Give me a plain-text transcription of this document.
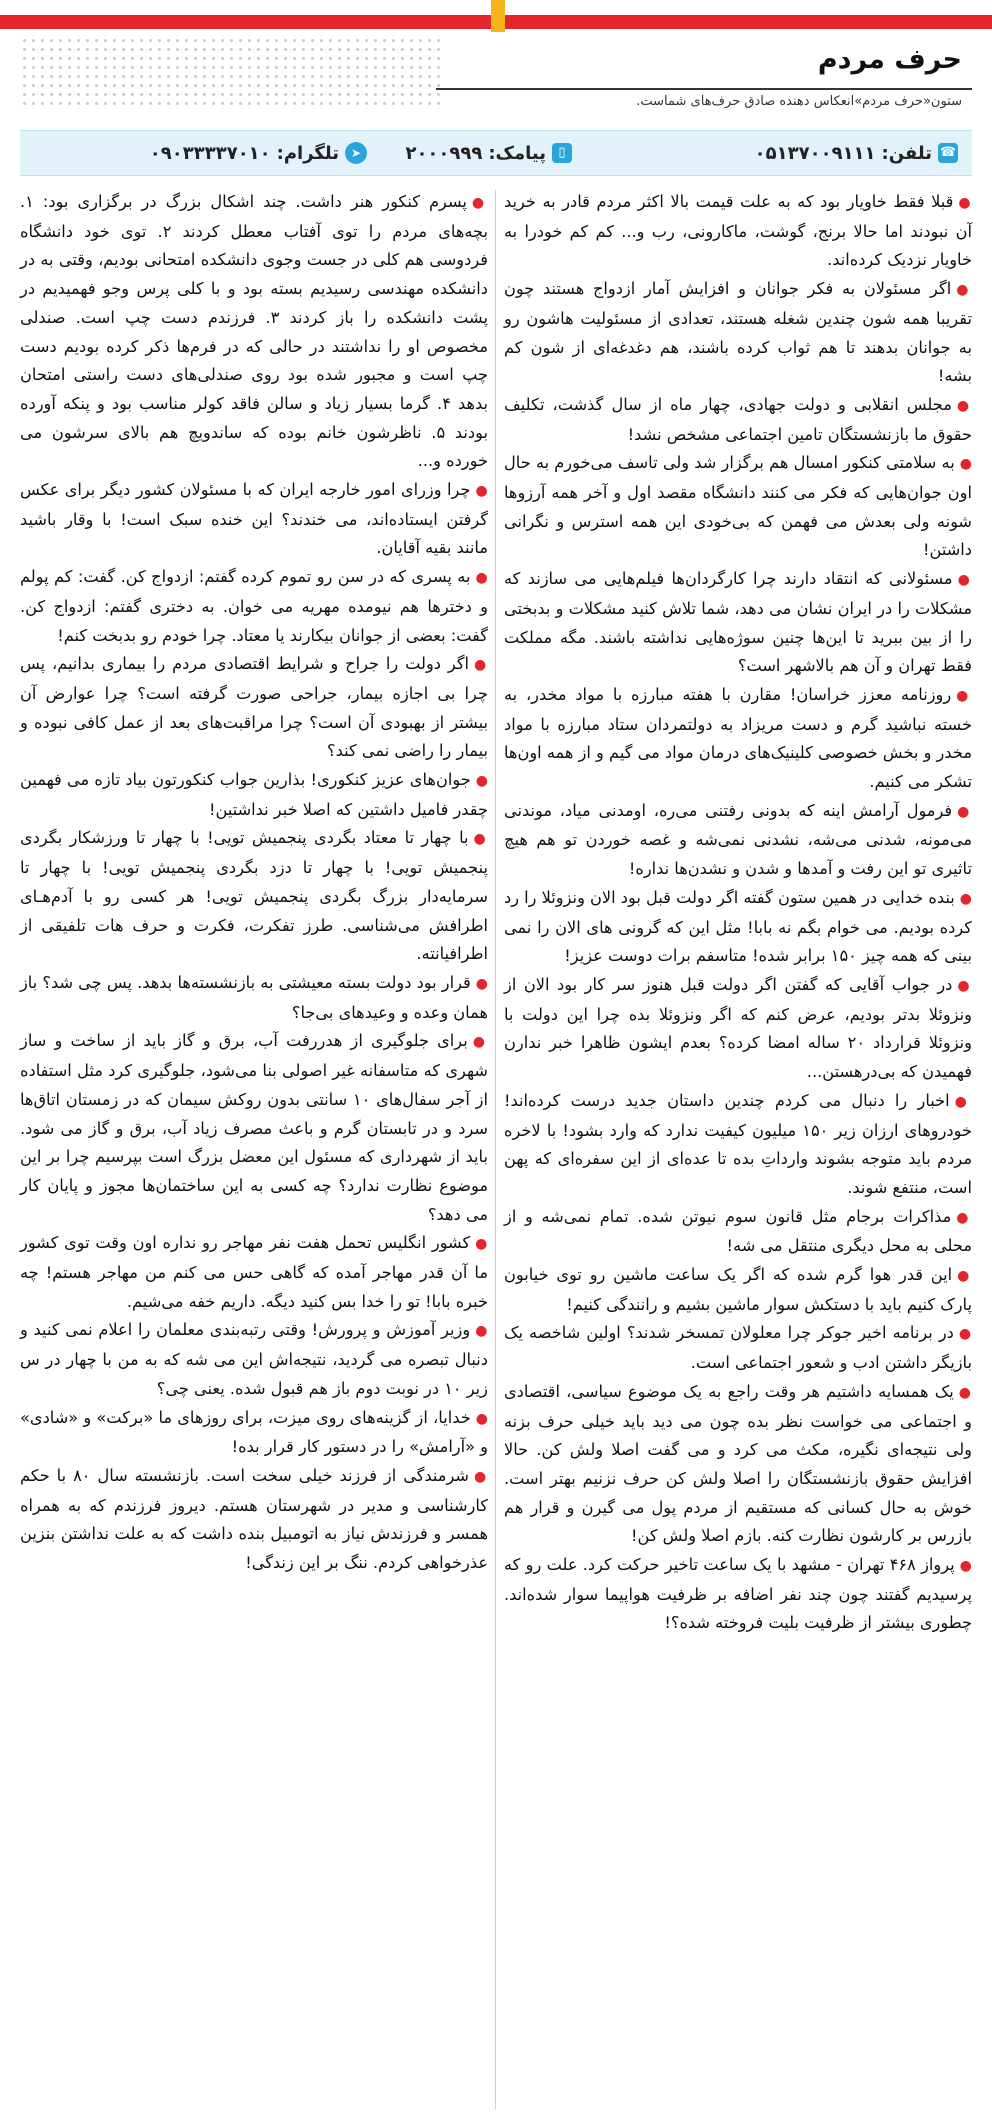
حرف مردم
ستون«حرف مردم»انعکاس دهنده صادق حرف‌های شماست.
☎
تلفن:
۰۵۱۳۷۰۰۹۱۱۱
▯
پیامک:
۲۰۰۰۹۹۹
➤
تلگرام:
۰۹۰۳۳۳۳۷۰۱۰

●قبلا فقط خاویار بود که به علت قیمت بالا اکثر مردم قادر به خرید آن نبودند اما حالا برنج، گوشت، ماکارونی، رب و... کم کم خودرا به خاویار نزدیک کرده‌اند.

●اگر مسئولان به فکر جوانان و افزایش آمار ازدواج هستند چون تقریبا همه شون چندین شغله هستند، تعدادی از مسئولیت هاشون رو به جوانان بدهند تا هم ثواب کرده باشند، هم دغدغه‌ای از شون کم بشه!

●مجلس انقلابی و دولت جهادی، چهار ماه از سال گذشت، تکلیف حقوق ما بازنشستگان تامین اجتماعی مشخص نشد!

●به سلامتی کنکور امسال هم برگزار شد ولی تاسف می‌خورم به حال اون جوان‌هایی که فکر می کنند دانشگاه مقصد اول و آخر همه آرزوها شونه ولی بعدش می فهمن که بی‌خودی این همه استرس و نگرانی داشتن!

●مسئولانی که انتقاد دارند چرا کارگردان‌ها فیلم‌هایی می سازند که مشکلات را در ایران نشان می دهد، شما تلاش کنید مشکلات و بدبختی را از بین ببرید تا این‌ها چنین سوژه‌هایی نداشته باشند. مگه مملکت فقط تهران و آن هم بالاشهر است؟

●روزنامه معزز خراسان! مقارن با هفته مبارزه با مواد مخدر، به خسته نباشید گرم و دست مریزاد به دولتمردان ستاد مبارزه با مواد مخدر و بخش خصوصی کلینیک‌های درمان مواد می گیم و از همه اون‌ها تشکر می کنیم.

●فرمول آرامش اینه که بدونی رفتنی می‌ره، اومدنی میاد، موندنی می‌مونه، شدنی می‌شه، نشدنی نمی‌شه و غصه خوردن تو هم هیچ تاثیری تو این رفت و آمدها و شدن و نشدن‌ها نداره!

●بنده خدایی در همین ستون گفته اگر دولت قبل بود الان ونزوئلا را رد کرده بودیم. می خوام بگم نه بابا! مثل این که گرونی های الان را نمی بینی که همه چیز ۱۵۰ برابر شده! متاسفم برات دوست عزیز!

●در جواب آقایی که گفتن اگر دولت قبل هنوز سر کار بود الان از ونزوئلا بدتر بودیم، عرض کنم که اگر ونزوئلا بده چرا این دولت با ونزوئلا قرارداد ۲۰ ساله امضا کرده؟ بعدم ایشون ظاهرا خبر ندارن فهمیدن که بی‌درهستن...

●اخبار را دنبال می کردم چندین داستان جدید درست کرده‌اند! خودروهای ارزان زیر ۱۵۰ میلیون کیفیت ندارد که وارد بشود! با لاخره مردم باید متوجه بشوند وارداتِ بده تا عده‌ای از این سفره‌ای که پهن است، منتفع شوند.

●مذاکرات برجام مثل قانون سوم نیوتن شده. تمام نمی‌شه و از محلی به محل دیگری منتقل می شه!

●این قدر هوا گرم شده که اگر یک ساعت ماشین رو توی خیابون پارک کنیم باید با دستکش سوار ماشین بشیم و رانندگی کنیم!

●در برنامه اخیر جوکر چرا معلولان تمسخر شدند؟ اولین شاخصه یک بازیگر داشتن ادب و شعور اجتماعی است.

●یک همسایه داشتیم هر وقت راجع به یک موضوع سیاسی، اقتصادی و اجتماعی می خواست نظر بده چون می دید باید خیلی حرف بزنه ولی نتیجه‌ای نگیره، مکث می کرد و می گفت اصلا ولش کن. حالا افزایش حقوق بازنشستگان را اصلا ولش کن حرف نزنیم بهتر است. خوش به حال کسانی که مستقیم از مردم پول می گیرن و قرار هم بازرس بر کارشون نظارت کنه. بازم اصلا ولش کن!

●پرواز ۴۶۸ تهران - مشهد با یک ساعت تاخیر حرکت کرد. علت رو که پرسیدیم گفتند چون چند نفر اضافه بر ظرفیت هواپیما سوار شده‌اند. چطوری بیشتر از ظرفیت بلیت فروخته شده؟!

●پسرم کنکور هنر داشت. چند اشکال بزرگ در برگزاری بود: ۱. بچه‌های مردم را توی آفتاب معطل کردند ۲. توی خود دانشگاه فردوسی هم کلی در جست وجوی دانشکده امتحانی بودیم، وقتی به در دانشکده مهندسی رسیدیم بسته بود و با کلی پرس وجو فهمیدیم در پشت دانشکده را باز کردند ۳. فرزندم دست چپ است. صندلی مخصوص او را نداشتند در حالی که در فرم‌ها ذکر کرده بودیم دست چپ است و مجبور شده بود روی صندلی‌های دست راستی امتحان بدهد ۴. گرما بسیار زیاد و سالن فاقد کولر مناسب بود و پنکه آورده بودند ۵. ناظرشون خانم بوده که ساندویچ هم بالای سرشون می خورده و...

●چرا وزرای امور خارجه ایران که با مسئولان کشور دیگر برای عکس گرفتن ایستاده‌اند، می خندند؟ این خنده سبک است! با وقار باشید مانند بقیه آقایان.

●به پسری که در سن رو تموم کرده گفتم: ازدواج کن. گفت: کم پولم و دخترها هم نیومده مهریه می خوان. به دختری گفتم: ازدواج کن. گفت: بعضی از جوانان بیکارند یا معتاد. چرا خودم رو بدبخت کنم!

●اگر دولت را جراح و شرایط اقتصادی مردم را بیماری بدانیم، پس چرا بی اجازه بیمار، جراحی صورت گرفته است؟ چرا عوارض آن بیشتر از بهبودی آن است؟ چرا مراقبت‌های بعد از عمل کافی نبوده و بیمار را راضی نمی کند؟

●جوان‌های عزیز کنکوری! بذارین جواب کنکورتون بیاد تازه می فهمین چقدر فامیل داشتین که اصلا خبر نداشتین!

●با چهار تا معتاد بگردی پنجمیش تویی! با چهار تا ورزشکار بگردی پنجمیش تویی! با چهار تا دزد بگردی پنجمیش تویی! با چهار تا سرمایه‌دار بزرگ بگردی پنجمیش تویی! هر کسی رو با آدم‌هـای اطرافش می‌شناسی. طرز تفکرت، فکرت و حرف هات تلفیقی از اطرافیانته.

●قرار بود دولت بسته معیشتی به بازنشسته‌ها بدهد. پس چی شد؟ باز همان وعده و وعیدهای بی‌جا؟

●برای جلوگیری از هدررفت آب، برق و گاز باید از ساخت و ساز شهری که متاسفانه غیر اصولی بنا می‌شود، جلوگیری کرد مثل استفاده از آجر سفال‌های ۱۰ سانتی بدون روکش سیمان که در زمستان اتاق‌ها سرد و در تابستان گرم و باعث مصرف زیاد آب، برق و گاز می شود. باید از شهرداری که مسئول این معضل بزرگ است بپرسیم چرا بر این موضوع نظارت ندارد؟ چه کسی به این ساختمان‌ها مجوز و پایان کار می دهد؟

●کشور انگلیس تحمل هفت نفر مهاجر رو نداره اون وقت توی کشور ما آن قدر مهاجر آمده که گاهی حس می کنم من مهاجر هستم! چه خبره بابا! تو را خدا بس کنید دیگه. داریم خفه می‌شیم.

●وزیر آموزش و پرورش! وقتی رتبه‌بندی معلمان را اعلام نمی کنید و دنبال تبصره می گردید، نتیجه‌اش این می شه که به من با چهار در س زیر ۱۰ در نوبت دوم باز هم قبول شده. یعنی چی؟

●خدایا، از گزینه‌های روی میزت، برای روزهای ما «برکت» و «شادی» و «آرامش» را در دستور کار قرار بده!

●شرمندگی از فرزند خیلی سخت است. بازنشسته سال ۸۰ با حکم کارشناسی و مدیر در شهرستان هستم. دیروز فرزندم که به همراه همسر و فرزندش نیاز به اتومبیل بنده داشت که به علت نداشتن بنزین عذرخواهی کردم. ننگ بر این زندگی!
